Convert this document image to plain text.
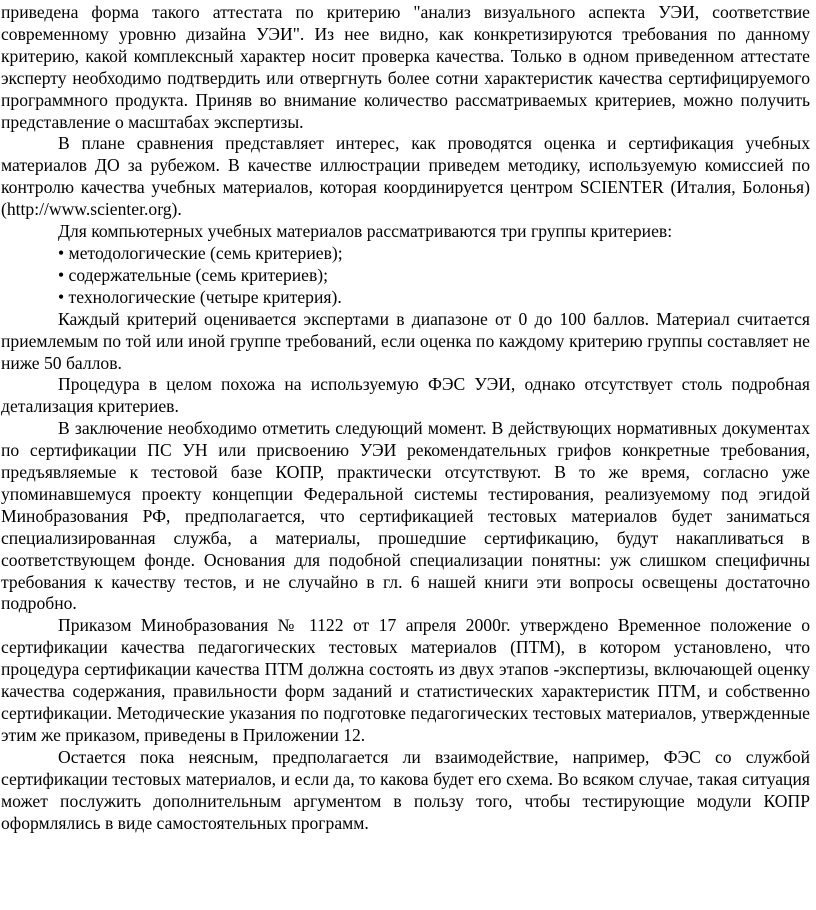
приведена форма такого аттестата по критерию "анализ визуального аспекта УЭИ, соответствие современному уровню дизайна УЭИ". Из нее видно, как конкретизируются требования по данному критерию, какой комплексный характер носит проверка качества. Только в одном приведенном аттестате эксперту необходимо подтвердить или отвергнуть более сотни характеристик качества сертифицируемого программного продукта. Приняв во внимание количество рассматриваемых критериев, можно получить представление о масштабах экспертизы.

В плане сравнения представляет интерес, как проводятся оценка и сертификация учебных материалов ДО за рубежом. В качестве иллюстрации приведем методику, используемую комиссией по контролю качества учебных материалов, которая координируется центром SCIENTER (Италия, Болонья) (http://www.scienter.org).

Для компьютерных учебных материалов рассматриваются три группы критериев:

• методологические (семь критериев);

• содержательные (семь критериев);

• технологические (четыре критерия).

Каждый критерий оценивается экспертами в диапазоне от 0 до 100 баллов. Материал считается приемлемым по той или иной группе требований, если оценка по каждому критерию группы составляет не ниже 50 баллов.

Процедура в целом похожа на используемую ФЭС УЭИ, однако отсутствует столь подробная детализация критериев.

В заключение необходимо отметить следующий момент. В действующих нормативных документах по сертификации ПС УН или присвоению УЭИ рекомендательных грифов конкретные требования, предъявляемые к тестовой базе КОПР, практически отсутствуют. В то же время, согласно уже упоминавшемуся проекту концепции Федеральной системы тестирования, реализуемому под эгидой Минобразования РФ, предполагается, что сертификацией тестовых материалов будет заниматься специализированная служба, а материалы, прошедшие сертификацию, будут накапливаться в соответствующем фонде. Основания для подобной специализации понятны: уж слишком специфичны требования к качеству тестов, и не случайно в гл. 6 нашей книги эти вопросы освещены достаточно подробно.

Приказом Минобразования № 1122 от 17 апреля 2000г. утверждено Временное положение о сертификации качества педагогических тестовых материалов (ПТМ), в котором установлено, что процедура сертификации качества ПТМ должна состоять из двух этапов -экспертизы, включающей оценку качества содержания, правильности форм заданий и статистических характеристик ПТМ, и собственно сертификации. Методические указания по подготовке педагогических тестовых материалов, утвержденные этим же приказом, приведены в Приложении 12.

Остается пока неясным, предполагается ли взаимодействие, например, ФЭС со службой сертификации тестовых материалов, и если да, то какова будет его схема. Во всяком случае, такая ситуация может послужить дополнительным аргументом в пользу того, чтобы тестирующие модули КОПР оформлялись в виде самостоятельных программ.
